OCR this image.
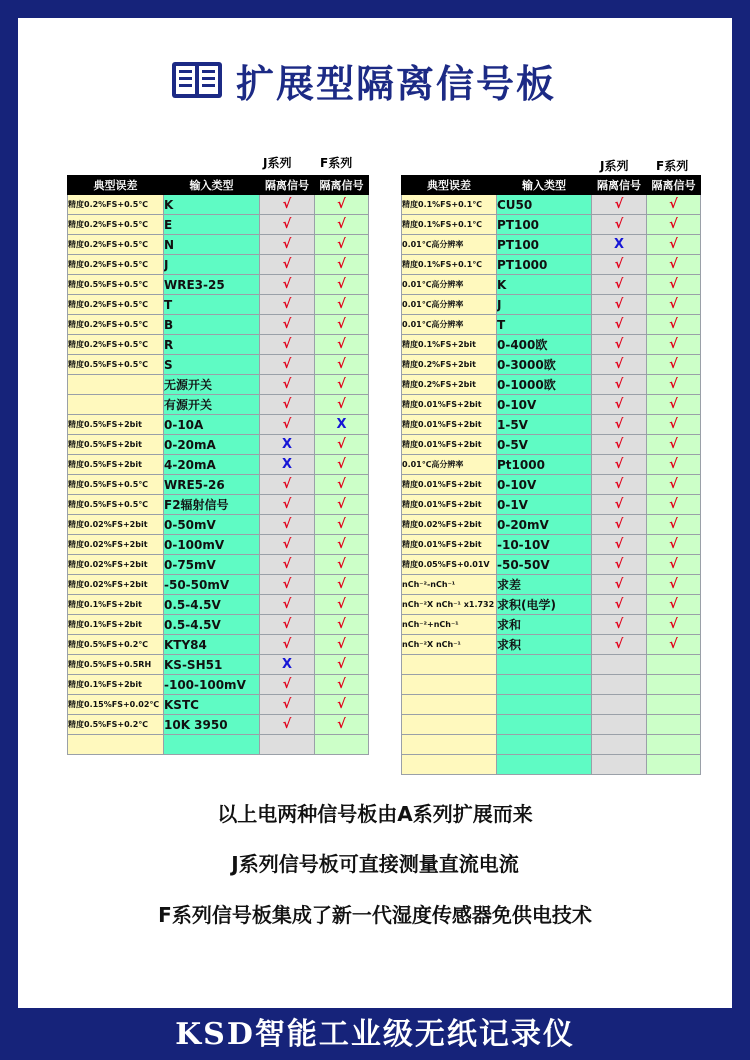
扩展型隔离信号板
J系列 F系列	J系列 F系列
典型误差	输入类型	隔离信号	隔离信号
精度0.2%FS+0.5℃	K	√	√
精度0.2%FS+0.5℃	E	√	√
精度0.2%FS+0.5℃	N	√	√
精度0.2%FS+0.5℃	J	√	√
精度0.5%FS+0.5℃	WRE3-25	√	√
精度0.2%FS+0.5℃	T	√	√
精度0.2%FS+0.5℃	B	√	√
精度0.2%FS+0.5℃	R	√	√
精度0.5%FS+0.5℃	S	√	√
	无源开关	√	√
	有源开关	√	√
精度0.5%FS+2bit	0-10A	√	X
精度0.5%FS+2bit	0-20mA	X	√
精度0.5%FS+2bit	4-20mA	X	√
精度0.5%FS+0.5℃	WRE5-26	√	√
精度0.5%FS+0.5℃	F2辐射信号	√	√
精度0.02%FS+2bit	0-50mV	√	√
精度0.02%FS+2bit	0-100mV	√	√
精度0.02%FS+2bit	0-75mV	√	√
精度0.02%FS+2bit	-50-50mV	√	√
精度0.1%FS+2bit	0.5-4.5V	√	√
精度0.1%FS+2bit	0.5-4.5V	√	√
精度0.5%FS+0.2℃	KTY84	√	√
精度0.5%FS+0.5RH	KS-SH51	X	√
精度0.1%FS+2bit	-100-100mV	√	√
精度0.15%FS+0.02℃	KSTC	√	√
精度0.5%FS+0.2℃	10K 3950	√	√

典型误差	输入类型	隔离信号	隔离信号
精度0.1%FS+0.1℃	CU50	√	√
精度0.1%FS+0.1℃	PT100	√	√
0.01℃高分辨率	PT100	X	√
精度0.1%FS+0.1℃	PT1000	√	√
0.01℃高分辨率	K	√	√
0.01℃高分辨率	J	√	√
0.01℃高分辨率	T	√	√
精度0.1%FS+2bit	0-400欧	√	√
精度0.2%FS+2bit	0-3000欧	√	√
精度0.2%FS+2bit	0-1000欧	√	√
精度0.01%FS+2bit	0-10V	√	√
精度0.01%FS+2bit	1-5V	√	√
精度0.01%FS+2bit	0-5V	√	√
0.01℃高分辨率	Pt1000	√	√
精度0.01%FS+2bit	0-10V	√	√
精度0.01%FS+2bit	0-1V	√	√
精度0.02%FS+2bit	0-20mV	√	√
精度0.01%FS+2bit	-10-10V	√	√
精度0.05%FS+0.01V	-50-50V	√	√
nCh⁻²-nCh⁻¹	求差	√	√
nCh⁻²X nCh⁻¹ x1.732	求积(电学)	√	√
nCh⁻²+nCh⁻¹	求和	√	√
nCh⁻²X nCh⁻¹	求积	√	√

以上电两种信号板由A系列扩展而来
J系列信号板可直接测量直流电流
F系列信号板集成了新一代湿度传感器免供电技术
KSD智能工业级无纸记录仪
